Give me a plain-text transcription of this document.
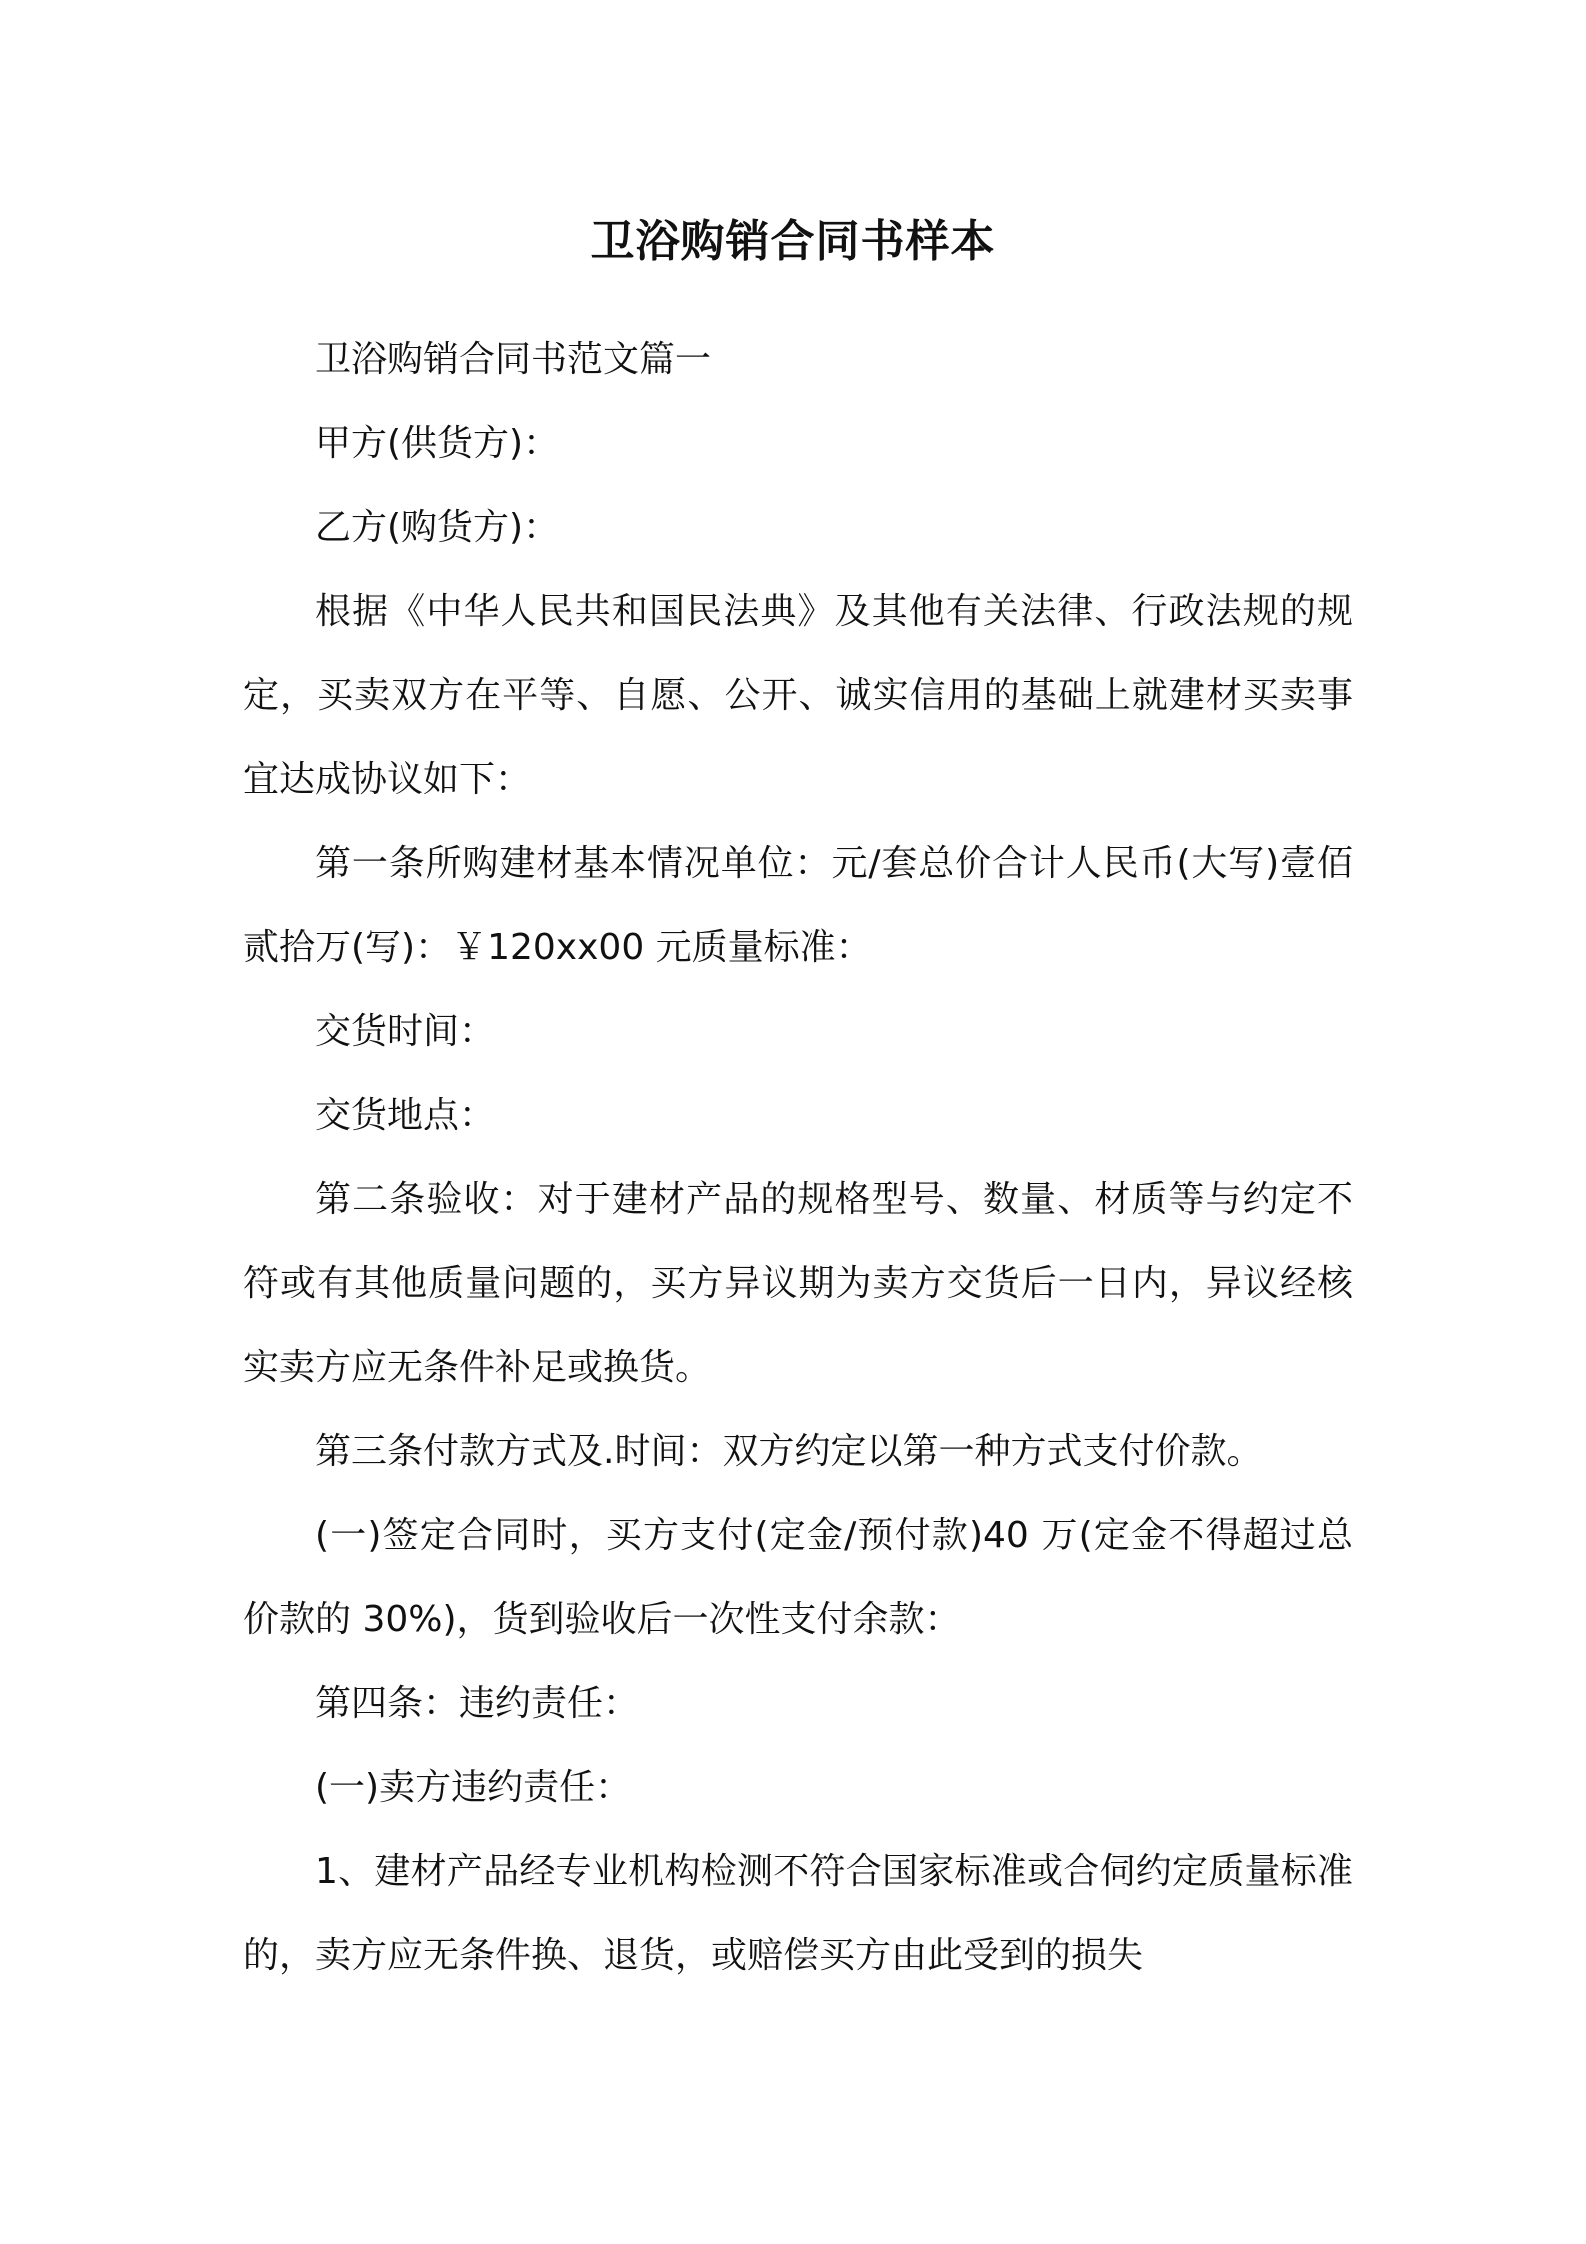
卫浴购销合同书样本

卫浴购销合同书范文篇一

甲方(供货方)：

乙方(购货方)：

根据《中华人民共和国民法典》及其他有关法律、行政法规的规定，买卖双方在平等、自愿、公开、诚实信用的基础上就建材买卖事宜达成协议如下：

第一条所购建材基本情况单位：元/套总价合计人民币(大写)壹佰贰拾万(写)：￥120xx00 元质量标准：

交货时间：

交货地点：

第二条验收：对于建材产品的规格型号、数量、材质等与约定不符或有其他质量问题的，买方异议期为卖方交货后一日内，异议经核实卖方应无条件补足或换货。

第三条付款方式及.时间：双方约定以第一种方式支付价款。

(一)签定合同时，买方支付(定金/预付款)40 万(定金不得超过总价款的 30%)，货到验收后一次性支付余款：

第四条：违约责任：

(一)卖方违约责任：

1、建材产品经专业机构检测不符合国家标准或合伺约定质量标准的，卖方应无条件换、退货，或赔偿买方由此受到的损失
